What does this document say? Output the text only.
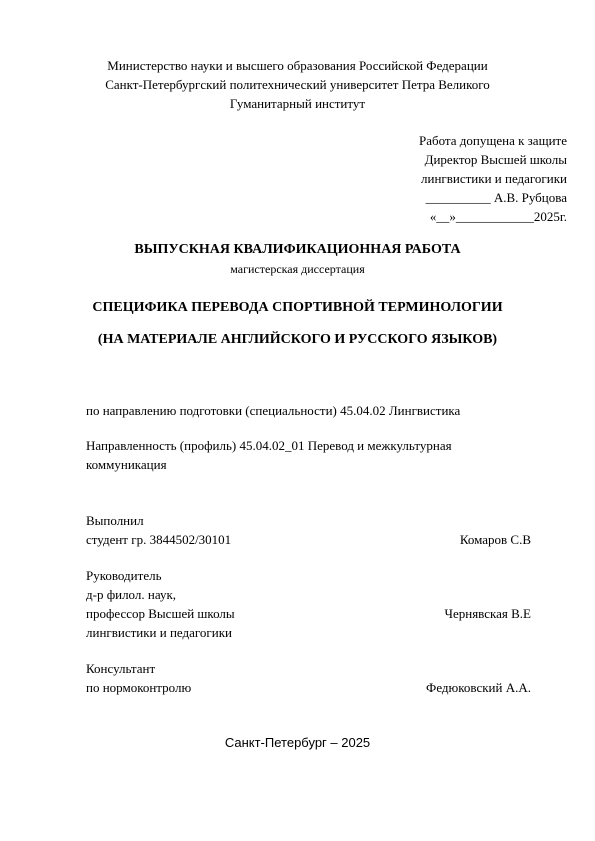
Министерство науки и высшего образования Российской Федерации
Санкт-Петербургский политехнический университет Петра Великого
Гуманитарный институт
Работа допущена к защите
Директор Высшей школы
лингвистики и педагогики
__________ А.В. Рубцова
«__»____________2025г.
ВЫПУСКНАЯ КВАЛИФИКАЦИОННАЯ РАБОТА
магистерская диссертация
СПЕЦИФИКА ПЕРЕВОДА СПОРТИВНОЙ ТЕРМИНОЛОГИИ
(НА МАТЕРИАЛЕ АНГЛИЙСКОГО И РУССКОГО ЯЗЫКОВ)
по направлению подготовки (специальности) 45.04.02 Лингвистика
Направленность (профиль) 45.04.02_01 Перевод и межкультурная
коммуникация
Выполнил
студент гр. 3844502/30101	Комаров С.В
Руководитель
д-р филол. наук,
профессор Высшей школы
лингвистики и педагогики
Чернявская В.Е
Консультант
по нормоконтролю	Федюковский А.А.
Санкт-Петербург – 2025
